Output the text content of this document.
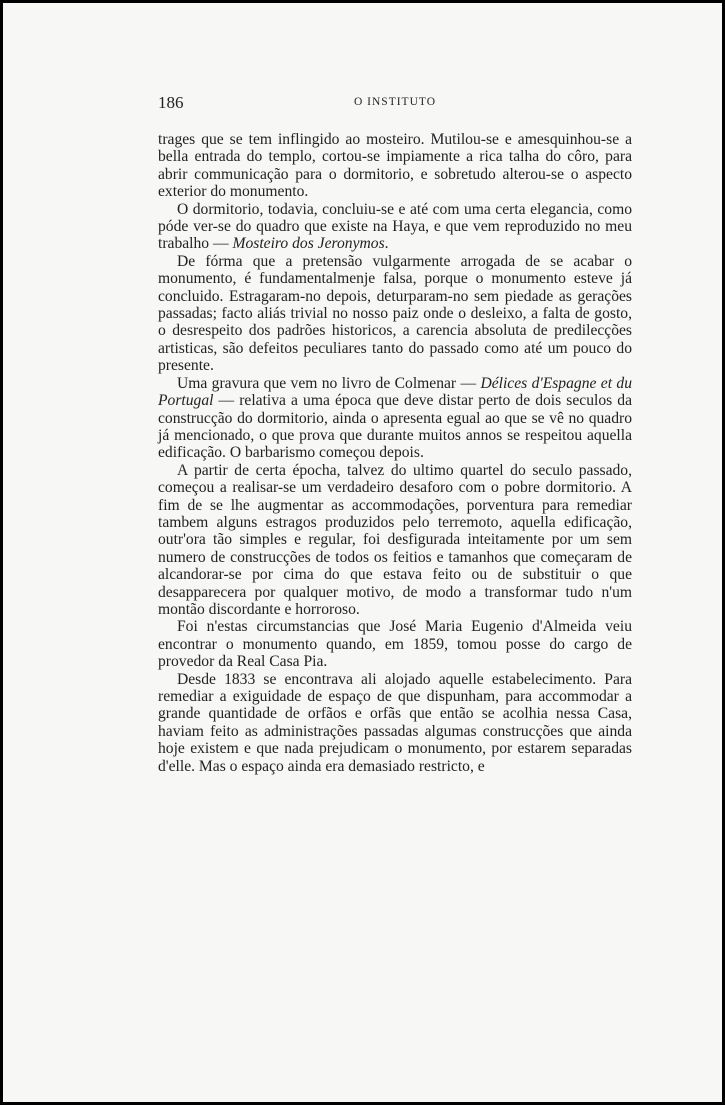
186	O INSTITUTO

trages que se tem inflingido ao mosteiro. Mutilou-se e amesquinhou-se a bella entrada do templo, cortou-se impiamente a rica talha do côro, para abrir communicação para o dormitorio, e sobretudo alterou-se o aspecto exterior do monumento.

O dormitorio, todavia, concluiu-se e até com uma certa elegancia, como póde ver-se do quadro que existe na Haya, e que vem reproduzido no meu trabalho — Mosteiro dos Jeronymos.

De fórma que a pretensão vulgarmente arrogada de se acabar o monumento, é fundamentalmenje falsa, porque o monumento esteve já concluido. Estragaram-no depois, deturparam-no sem piedade as gerações passadas; facto aliás trivial no nosso paiz onde o desleixo, a falta de gosto, o desrespeito dos padrões historicos, a carencia absoluta de predilecções artisticas, são defeitos peculiares tanto do passado como até um pouco do presente.

Uma gravura que vem no livro de Colmenar — Délices d'Espagne et du Portugal — relativa a uma época que deve distar perto de dois seculos da construcção do dormitorio, ainda o apresenta egual ao que se vê no quadro já mencionado, o que prova que durante muitos annos se respeitou aquella edificação. O barbarismo começou depois.

A partir de certa épocha, talvez do ultimo quartel do seculo passado, começou a realisar-se um verdadeiro desaforo com o pobre dormitorio. A fim de se lhe augmentar as accommodações, porventura para remediar tambem alguns estragos produzidos pelo terremoto, aquella edificação, outr'ora tão simples e regular, foi desfigurada inteitamente por um sem numero de construcções de todos os feitios e tamanhos que começaram de alcandorar-se por cima do que estava feito ou de substituir o que desapparecera por qualquer motivo, de modo a transformar tudo n'um montão discordante e horroroso.

Foi n'estas circumstancias que José Maria Eugenio d'Almeida veiu encontrar o monumento quando, em 1859, tomou posse do cargo de provedor da Real Casa Pia.

Desde 1833 se encontrava ali alojado aquelle estabelecimento. Para remediar a exiguidade de espaço de que dispunham, para accommodar a grande quantidade de orfãos e orfãs que então se acolhia nessa Casa, haviam feito as administrações passadas algumas construcções que ainda hoje existem e que nada prejudicam o monumento, por estarem separadas d'elle. Mas o espaço ainda era demasiado restricto, e
